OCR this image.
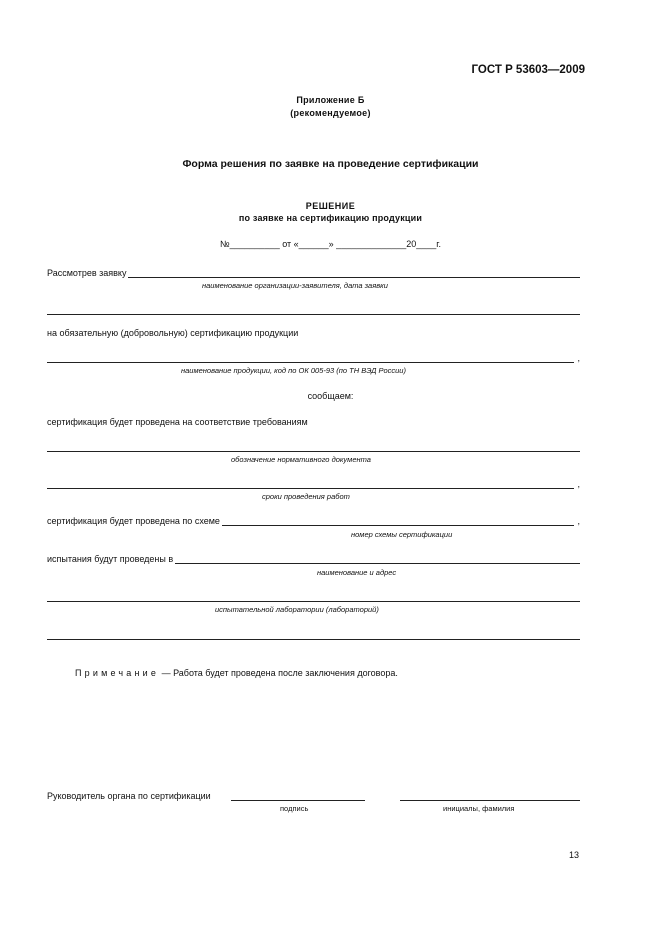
ГОСТ Р 53603—2009
Приложение Б
(рекомендуемое)
Форма решения по заявке на проведение сертификации
РЕШЕНИЕ
по заявке на сертификацию продукции
№__________ от «______» ______________20____г.
Рассмотрев заявку
наименование организации-заявителя, дата заявки
на обязательную (добровольную) сертификацию продукции
,
наименование продукции, код по ОК 005-93 (по ТН ВЭД России)
сообщаем:
сертификация будет проведена на соответствие требованиям
обозначение нормативного документа
,
сроки проведения работ
сертификация будет проведена по схеме	,
номер схемы сертификации
испытания будут проведены в
наименование и адрес
испытательной лаборатории (лабораторий)
Примечание — Работа будет проведена после заключения договора.
Руководитель органа по сертификации
подпись	инициалы, фамилия
13
